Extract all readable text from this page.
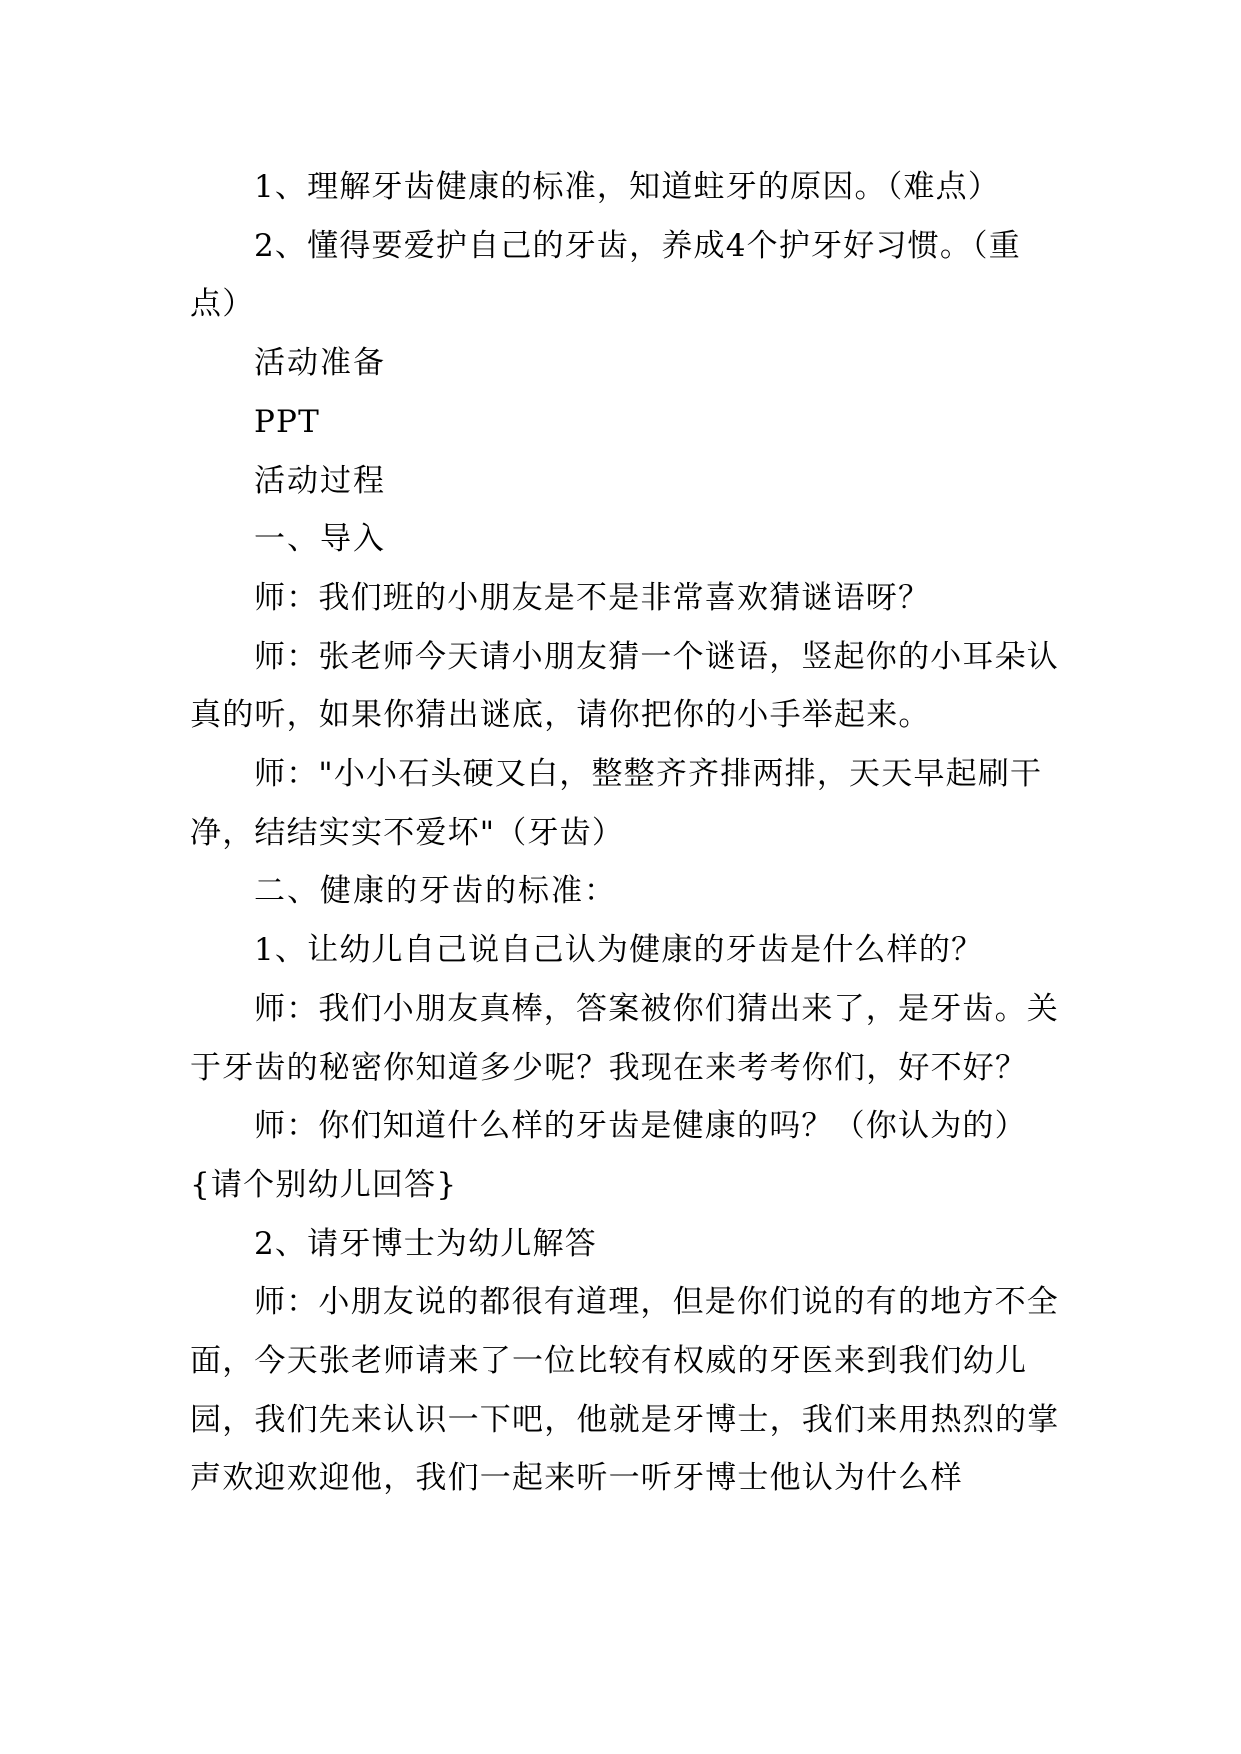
1、理解牙齿健康的标准，知道蛀牙的原因。（难点）

2、懂得要爱护自己的牙齿，养成4个护牙好习惯。（重点）

活动准备

PPT

活动过程

一、导入

师：我们班的小朋友是不是非常喜欢猜谜语呀？

师：张老师今天请小朋友猜一个谜语，竖起你的小耳朵认真的听，如果你猜出谜底，请你把你的小手举起来。

师："小小石头硬又白，整整齐齐排两排，天天早起刷干净，结结实实不爱坏"（牙齿）

二、健康的牙齿的标准：

1、让幼儿自己说自己认为健康的牙齿是什么样的？

师：我们小朋友真棒，答案被你们猜出来了，是牙齿。关于牙齿的秘密你知道多少呢？我现在来考考你们，好不好？

师：你们知道什么样的牙齿是健康的吗？（你认为的）{请个别幼儿回答}

2、请牙博士为幼儿解答

师：小朋友说的都很有道理，但是你们说的有的地方不全面，今天张老师请来了一位比较有权威的牙医来到我们幼儿园，我们先来认识一下吧，他就是牙博士，我们来用热烈的掌声欢迎欢迎他，我们一起来听一听牙博士他认为什么样
